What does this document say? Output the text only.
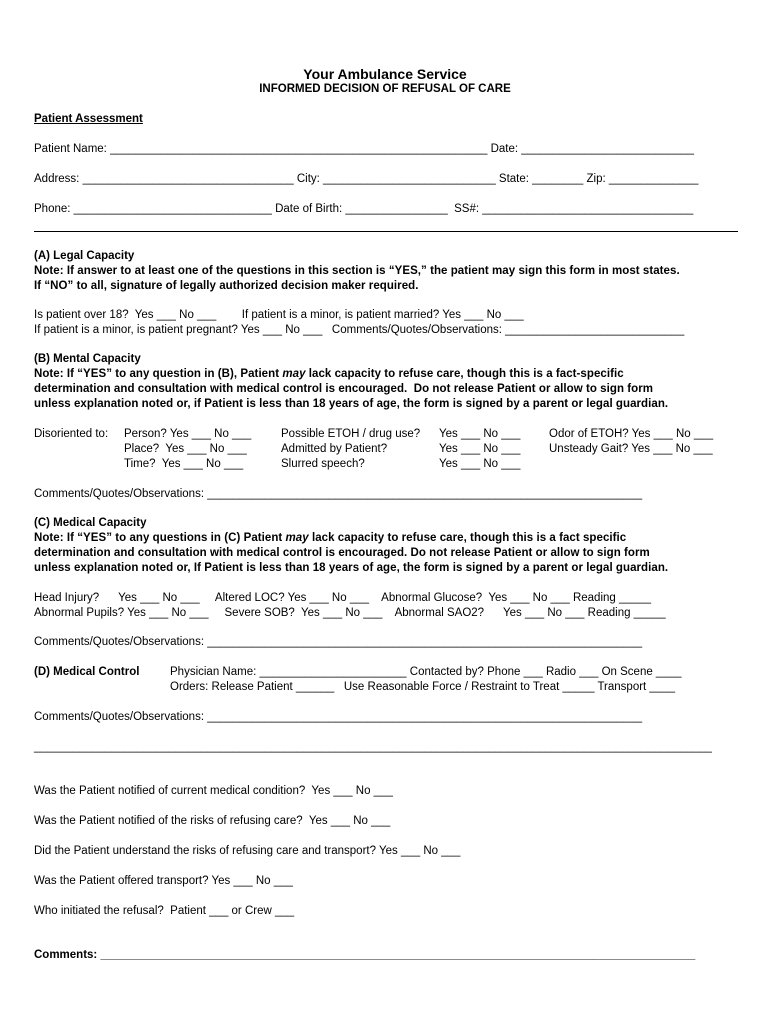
Your Ambulance Service
INFORMED DECISION OF REFUSAL OF CARE
Patient Assessment
Patient Name: ___________________________________________________________ Date: ___________________________
Address: _________________________________ City: ___________________________ State: ________ Zip: ______________
Phone: _______________________________ Date of Birth: ________________  SS#: _________________________________
(A) Legal Capacity
Note: If answer to at least one of the questions in this section is “YES,” the patient may sign this form in most states.
If “NO” to all, signature of legally authorized decision maker required.
Is patient over 18?  Yes ___ No ___        If patient is a minor, is patient married? Yes ___ No ___
If patient is a minor, is patient pregnant? Yes ___ No ___   Comments/Quotes/Observations: ____________________________
(B) Mental Capacity
Note: If “YES” to any question in (B), Patient may lack capacity to refuse care, though this is a fact-specific
determination and consultation with medical control is encouraged.  Do not release Patient or allow to sign form
unless explanation noted or, if Patient is less than 18 years of age, the form is signed by a parent or legal guardian.
Disoriented to: Person? Yes ___ No ___
Place?  Yes ___ No ___
Time?  Yes ___ No ___
Possible ETOH / drug use?
Admitted by Patient?
Slurred speech?
Yes ___ No ___
Yes ___ No ___
Yes ___ No ___
Odor of ETOH? Yes ___ No ___
Unsteady Gait? Yes ___ No ___
Comments/Quotes/Observations: ____________________________________________________________________
(C) Medical Capacity
Note: If “YES” to any questions in (C) Patient may lack capacity to refuse care, though this is a fact specific
determination and consultation with medical control is encouraged. Do not release Patient or allow to sign form
unless explanation noted or, If Patient is less than 18 years of age, the form is signed by a parent or legal guardian.
Head Injury?      Yes ___ No ___     Altered LOC? Yes ___ No ___    Abnormal Glucose?  Yes ___ No ___ Reading _____
Abnormal Pupils? Yes ___ No ___     Severe SOB?  Yes ___ No ___    Abnormal SAO2?      Yes ___ No ___ Reading _____
Comments/Quotes/Observations: ____________________________________________________________________
(D) Medical Control	Physician Name: _______________________ Contacted by? Phone ___ Radio ___ On Scene ____
Orders: Release Patient ______   Use Reasonable Force / Restraint to Treat _____ Transport ____
Comments/Quotes/Observations: ____________________________________________________________________
__________________________________________________________________________________________________________
Was the Patient notified of current medical condition?  Yes ___ No ___
Was the Patient notified of the risks of refusing care?  Yes ___ No ___
Did the Patient understand the risks of refusing care and transport? Yes ___ No ___
Was the Patient offered transport? Yes ___ No ___
Who initiated the refusal?  Patient ___ or Crew ___
Comments: _____________________________________________________________________________________________
